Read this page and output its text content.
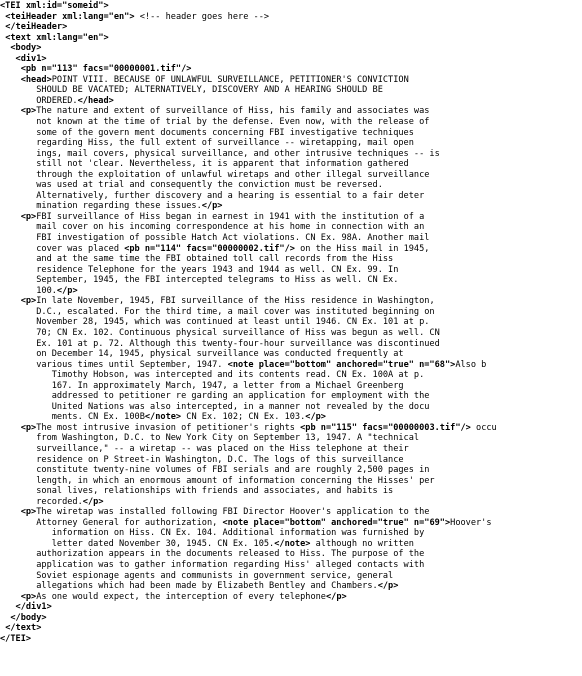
<TEI xml:id="someid">
<teiHeader xml:lang="en"> <!-- header goes here -->
</teiHeader>
<text xml:lang="en">
<body>
<div1>
<pb n="113" facs="00000001.tif"/>
<head>POINT VIII. BECAUSE OF UNLAWFUL SURVEILLANCE, PETITIONER'S CONVICTION
SHOULD BE VACATED; ALTERNATIVELY, DISCOVERY AND A HEARING SHOULD BE
ORDERED.</head>
<p>The nature and extent of surveillance of Hiss, his family and associates was
not known at the time of trial by the defense. Even now, with the release of
some of the govern ment documents concerning FBI investigative techniques
regarding Hiss, the full extent of surveillance -- wiretapping, mail open
ings, mail covers, physical surveillance, and other intrusive techniques -- is
still not 'clear. Nevertheless, it is apparent that information gathered
through the exploitation of unlawful wiretaps and other illegal surveillance
was used at trial and consequently the conviction must be reversed.
Alternatively, further discovery and a hearing is essential to a fair deter
mination regarding these issues.</p>
<p>FBI surveillance of Hiss began in earnest in 1941 with the institution of a
mail cover on his incoming correspondence at his home in connection with an
FBI investigation of possible Hatch Act violations. CN Ex. 98A. Another mail
cover was placed <pb n="114" facs="00000002.tif"/> on the Hiss mail in 1945,
and at the same time the FBI obtained toll call records from the Hiss
residence Telephone for the years 1943 and 1944 as well. CN Ex. 99. In
September, 1945, the FBI intercepted telegrams to Hiss as well. CN Ex.
100.</p>
<p>In late November, 1945, FBI surveillance of the Hiss residence in Washington,
D.C., escalated. For the third time, a mail cover was instituted beginning on
November 28, 1945, which was continued at least until 1946. CN Ex. 101 at p.
70; CN Ex. 102. Continuous physical surveillance of Hiss was begun as well. CN
Ex. 101 at p. 72. Although this twenty-four-hour surveillance was discontinued
on December 14, 1945, physical surveillance was conducted frequently at
various times until September, 1947. <note place="bottom" anchored="true" n="68">Also b
Timothy Hobson, was intercepted and its contents read. CN Ex. 100A at p.
167. In approximately March, 1947, a letter from a Michael Greenberg
addressed to petitioner re garding an application for employment with the
United Nations was also intercepted, in a manner not revealed by the docu
ments. CN Ex. 100B</note> CN Ex. 102; CN Ex. 103.</p>
<p>The most intrusive invasion of petitioner's rights <pb n="115" facs="00000003.tif"/> occu
from Washington, D.C. to New York City on September 13, 1947. A "technical
surveillance," -- a wiretap -- was placed on the Hiss telephone at their
residence on P Street-in Washington, D.C. The logs of this surveillance
constitute twenty-nine volumes of FBI serials and are roughly 2,500 pages in
length, in which an enormous amount of information concerning the Hisses' per
sonal lives, relationships with friends and associates, and habits is
recorded.</p>
<p>The wiretap was installed following FBI Director Hoover's application to the
Attorney General for authorization, <note place="bottom" anchored="true" n="69">Hoover's
information on Hiss. CN Ex. 104. Additional information was furnished by
letter dated November 30, 1945. CN Ex. 105.</note> although no written
authorization appears in the documents released to Hiss. The purpose of the
application was to gather information regarding Hiss' alleged contacts with
Soviet espionage agents and communists in government service, general
allegations which had been made by Elizabeth Bentley and Chambers.</p>
<p>As one would expect, the interception of every telephone</p>
</div1>
</body>
</text>
</TEI>
